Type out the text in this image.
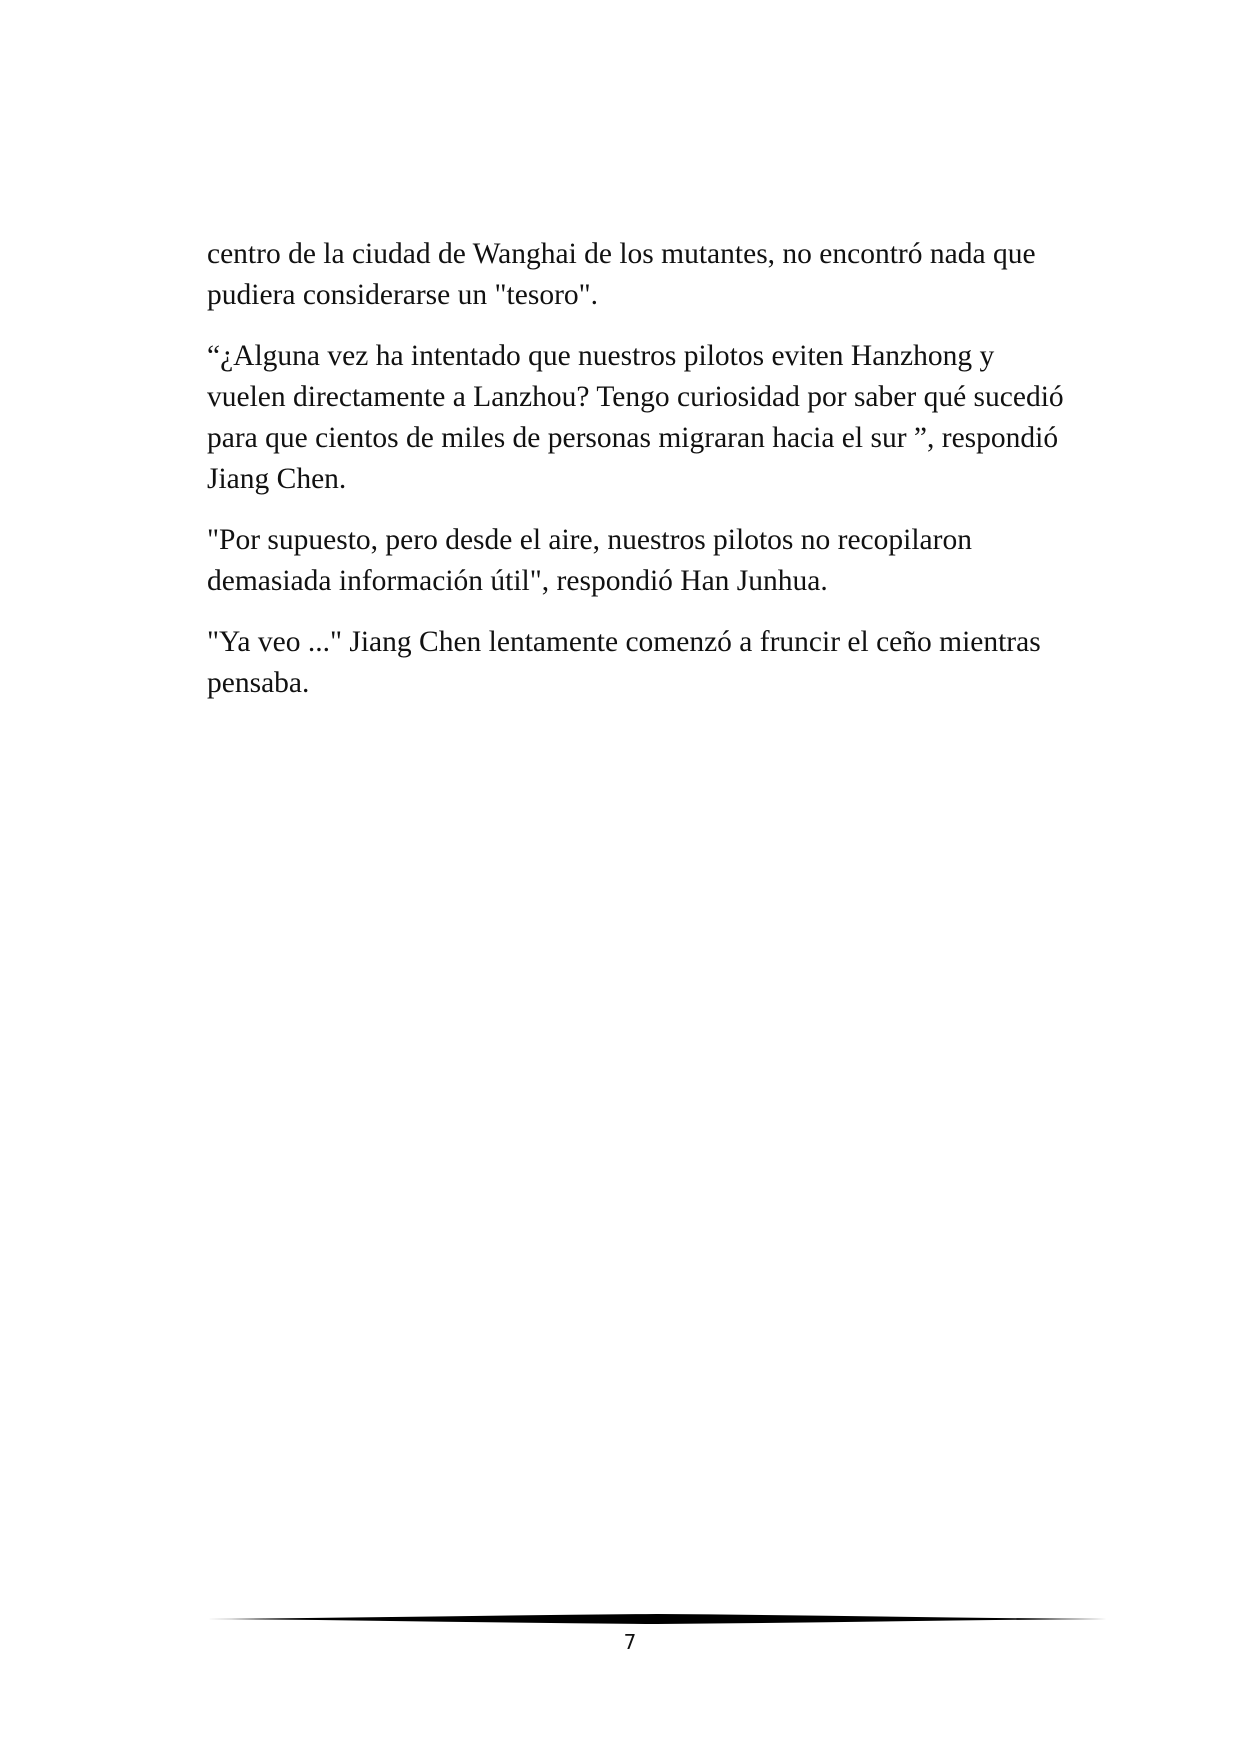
centro de la ciudad de Wanghai de los mutantes, no encontró nada que pudiera considerarse un "tesoro".

“¿Alguna vez ha intentado que nuestros pilotos eviten Hanzhong y vuelen directamente a Lanzhou? Tengo curiosidad por saber qué sucedió para que cientos de miles de personas migraran hacia el sur ”, respondió Jiang Chen.

"Por supuesto, pero desde el aire, nuestros pilotos no recopilaron demasiada información útil", respondió Han Junhua.

"Ya veo ..." Jiang Chen lentamente comenzó a fruncir el ceño mientras pensaba.

7
